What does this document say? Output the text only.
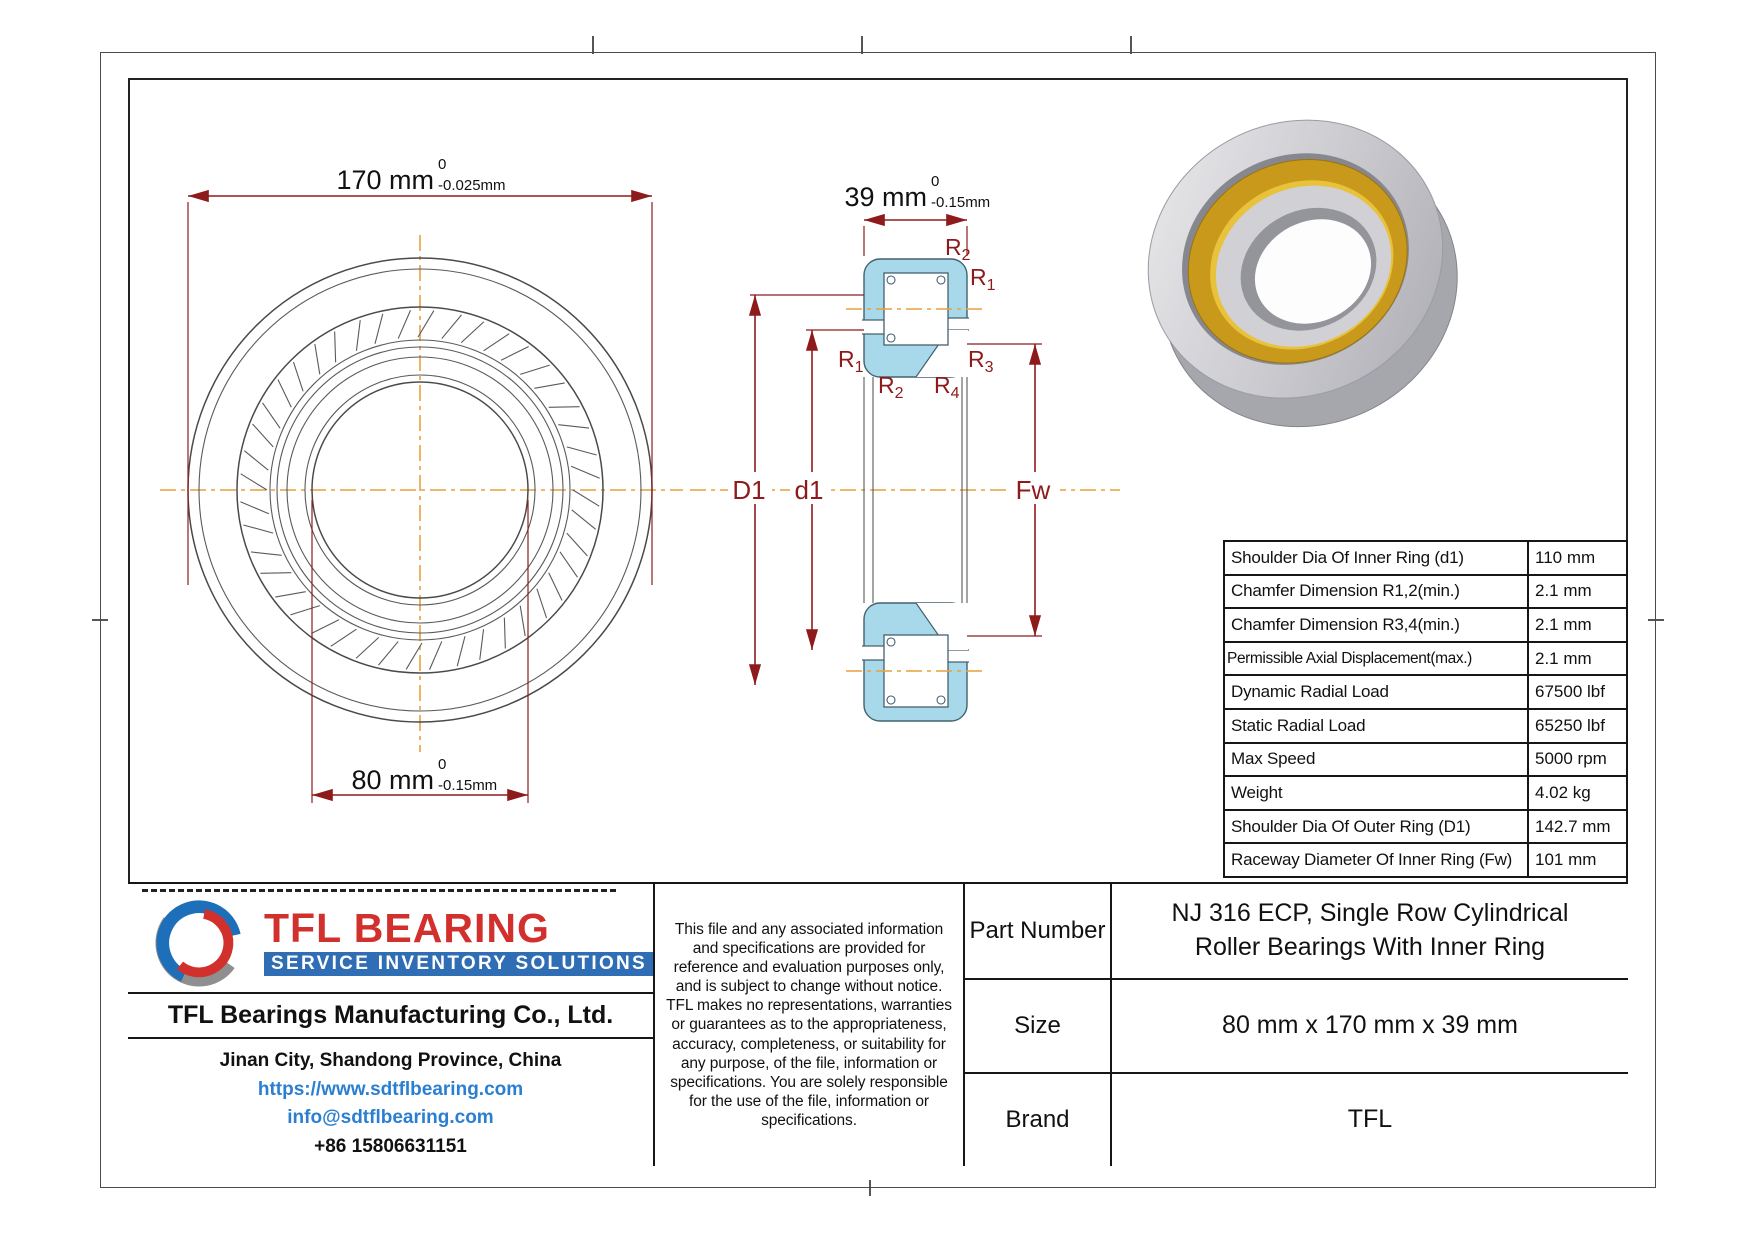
170 mm
0
-0.025mm
80 mm
0
-0.15mm
39 mm
0
-0.15mm
D1 d1	Fw
$R_2$
$R_1$
$R_1$	$R_3$
$R_2$ $R_4$
Shoulder Dia Of Inner Ring (d1)	110 mm
Chamfer Dimension R1,2(min.)	2.1 mm
Chamfer Dimension R3,4(min.)	2.1 mm
Permissible Axial Displacement(max.)	2.1 mm
Dynamic Radial Load	67500 lbf
Static Radial Load	65250 lbf
Max Speed	5000 rpm
Weight	4.02 kg
Shoulder Dia Of Outer Ring (D1)	142.7 mm
Raceway Diameter Of Inner Ring (Fw)	101 mm
TFL BEARING
SERVICE INVENTORY SOLUTIONS
TFL Bearings Manufacturing Co., Ltd.
Jinan City, Shandong Province, China
https://www.sdtflbearing.com
info@sdtflbearing.com
+86 15806631151
This file and any associated information and specifications are provided for reference and evaluation purposes only, and is subject to change without notice. TFL makes no representations, warranties or guarantees as to the appropriateness, accuracy, completeness, or suitability for any purpose, of the file, information or specifications. You are solely responsible for the use of the file, information or specifications.
Part Number
NJ 316 ECP, Single Row Cylindrical Roller Bearings With Inner Ring
Size	80 mm x 170 mm x 39 mm
Brand	TFL
